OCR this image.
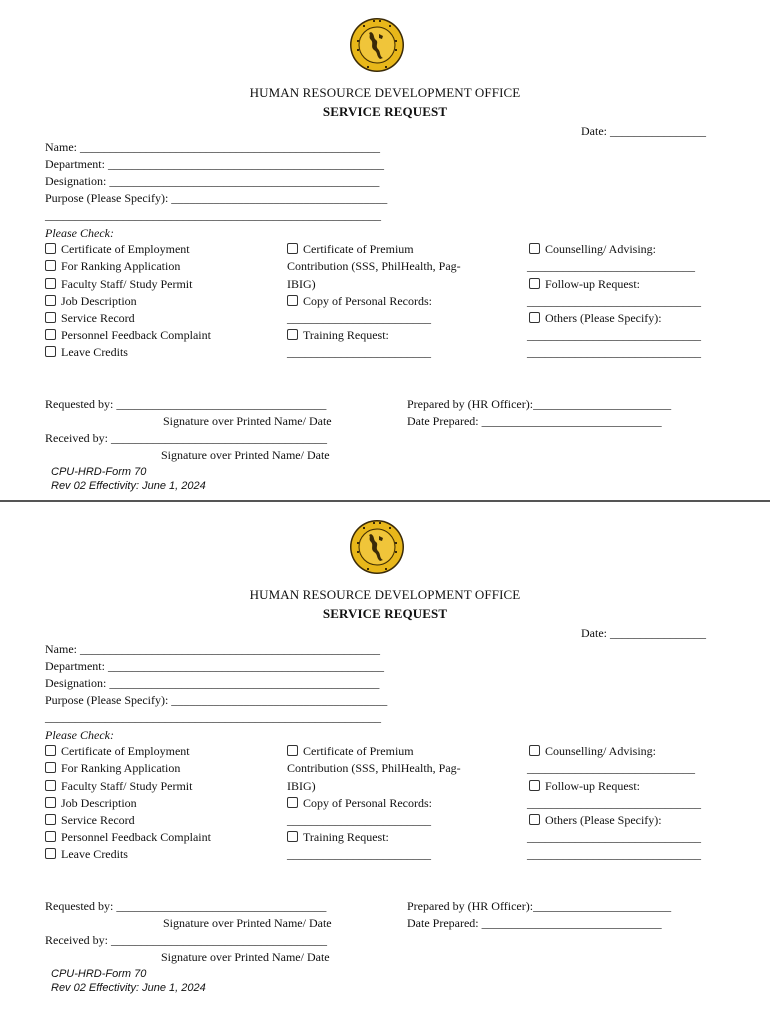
HUMAN RESOURCE DEVELOPMENT OFFICE
SERVICE REQUEST
Date: ________________
Name: __________________________________________________
Department: ______________________________________________
Designation: _____________________________________________
Purpose (Please Specify): ____________________________________
________________________________________________________
Please Check:
Certificate of Employment
For Ranking Application
Faculty Staff/ Study Permit
Job Description
Service Record
Personnel Feedback Complaint
Leave Credits
Certificate of Premium
Contribution (SSS, PhilHealth, Pag-
IBIG)
Copy of Personal Records:
________________________
Training Request:
________________________
Counselling/ Advising:
____________________________
Follow-up Request:
_____________________________
Others (Please Specify):
_____________________________
_____________________________
Requested by: ___________________________________
Signature over Printed Name/ Date
Received by: ____________________________________
Signature over Printed Name/ Date
Prepared by (HR Officer):_______________________
Date Prepared: ______________________________
CPU-HRD-Form 70
Rev 02 Effectivity: June 1, 2024
HUMAN RESOURCE DEVELOPMENT OFFICE
SERVICE REQUEST
Date: ________________
Name: __________________________________________________
Department: ______________________________________________
Designation: _____________________________________________
Purpose (Please Specify): ____________________________________
________________________________________________________
Please Check:
Certificate of Employment
For Ranking Application
Faculty Staff/ Study Permit
Job Description
Service Record
Personnel Feedback Complaint
Leave Credits
Certificate of Premium
Contribution (SSS, PhilHealth, Pag-
IBIG)
Copy of Personal Records:
________________________
Training Request:
________________________
Counselling/ Advising:
____________________________
Follow-up Request:
_____________________________
Others (Please Specify):
_____________________________
_____________________________
Requested by: ___________________________________
Signature over Printed Name/ Date
Received by: ____________________________________
Signature over Printed Name/ Date
Prepared by (HR Officer):_______________________
Date Prepared: ______________________________
CPU-HRD-Form 70
Rev 02 Effectivity: June 1, 2024
